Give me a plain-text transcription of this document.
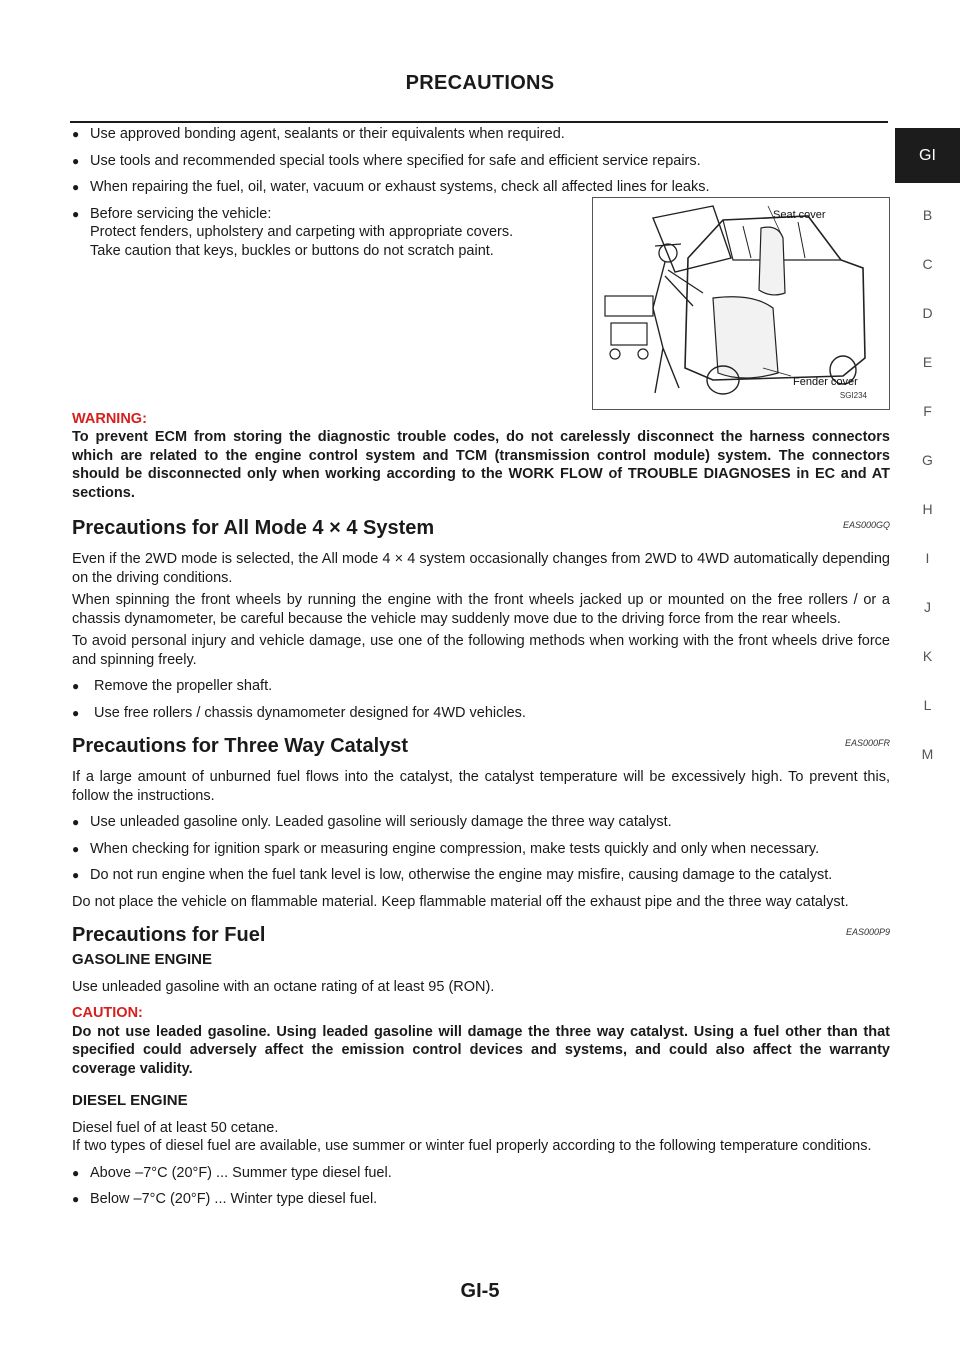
PRECAUTIONS
GI
B
C
D
E
F
G
H
I
J
K
L
M
● Use approved bonding agent, sealants or their equivalents when required.
● Use tools and recommended special tools where specified for safe and efficient service repairs.
● When repairing the fuel, oil, water, vacuum or exhaust systems, check all affected lines for leaks.
● Before servicing the vehicle:
Protect fenders, upholstery and carpeting with appropriate covers.
Take caution that keys, buckles or buttons do not scratch paint.
Seat cover
Fender cover
SGI234
WARNING:
To prevent ECM from storing the diagnostic trouble codes, do not carelessly disconnect the harness connectors which are related to the engine control system and TCM (transmission control module) system. The connectors should be disconnected only when working according to the WORK FLOW of TROUBLE DIAGNOSES in EC and AT sections.
Precautions for All Mode 4 × 4 System	EAS000GQ

Even if the 2WD mode is selected, the All mode 4 × 4 system occasionally changes from 2WD to 4WD automatically depending on the driving conditions.

When spinning the front wheels by running the engine with the front wheels jacked up or mounted on the free rollers / or a chassis dynamometer, be careful because the vehicle may suddenly move due to the driving force from the rear wheels.

To avoid personal injury and vehicle damage, use one of the following methods when working with the front wheels drive force and spinning freely.

● Remove the propeller shaft.
● Use free rollers / chassis dynamometer designed for 4WD vehicles.
Precautions for Three Way Catalyst	EAS000FR

If a large amount of unburned fuel flows into the catalyst, the catalyst temperature will be excessively high. To prevent this, follow the instructions.

● Use unleaded gasoline only. Leaded gasoline will seriously damage the three way catalyst.
● When checking for ignition spark or measuring engine compression, make tests quickly and only when necessary.
● Do not run engine when the fuel tank level is low, otherwise the engine may misfire, causing damage to the catalyst.

Do not place the vehicle on flammable material. Keep flammable material off the exhaust pipe and the three way catalyst.

Precautions for Fuel	EAS000P9
GASOLINE ENGINE

Use unleaded gasoline with an octane rating of at least 95 (RON).

CAUTION:
Do not use leaded gasoline. Using leaded gasoline will damage the three way catalyst. Using a fuel other than that specified could adversely affect the emission control devices and systems, and could also affect the warranty coverage validity.
DIESEL ENGINE
Diesel fuel of at least 50 cetane.

If two types of diesel fuel are available, use summer or winter fuel properly according to the following temperature conditions.

● Above –7°C (20°F) ... Summer type diesel fuel.
● Below –7°C (20°F) ... Winter type diesel fuel.
GI-5
